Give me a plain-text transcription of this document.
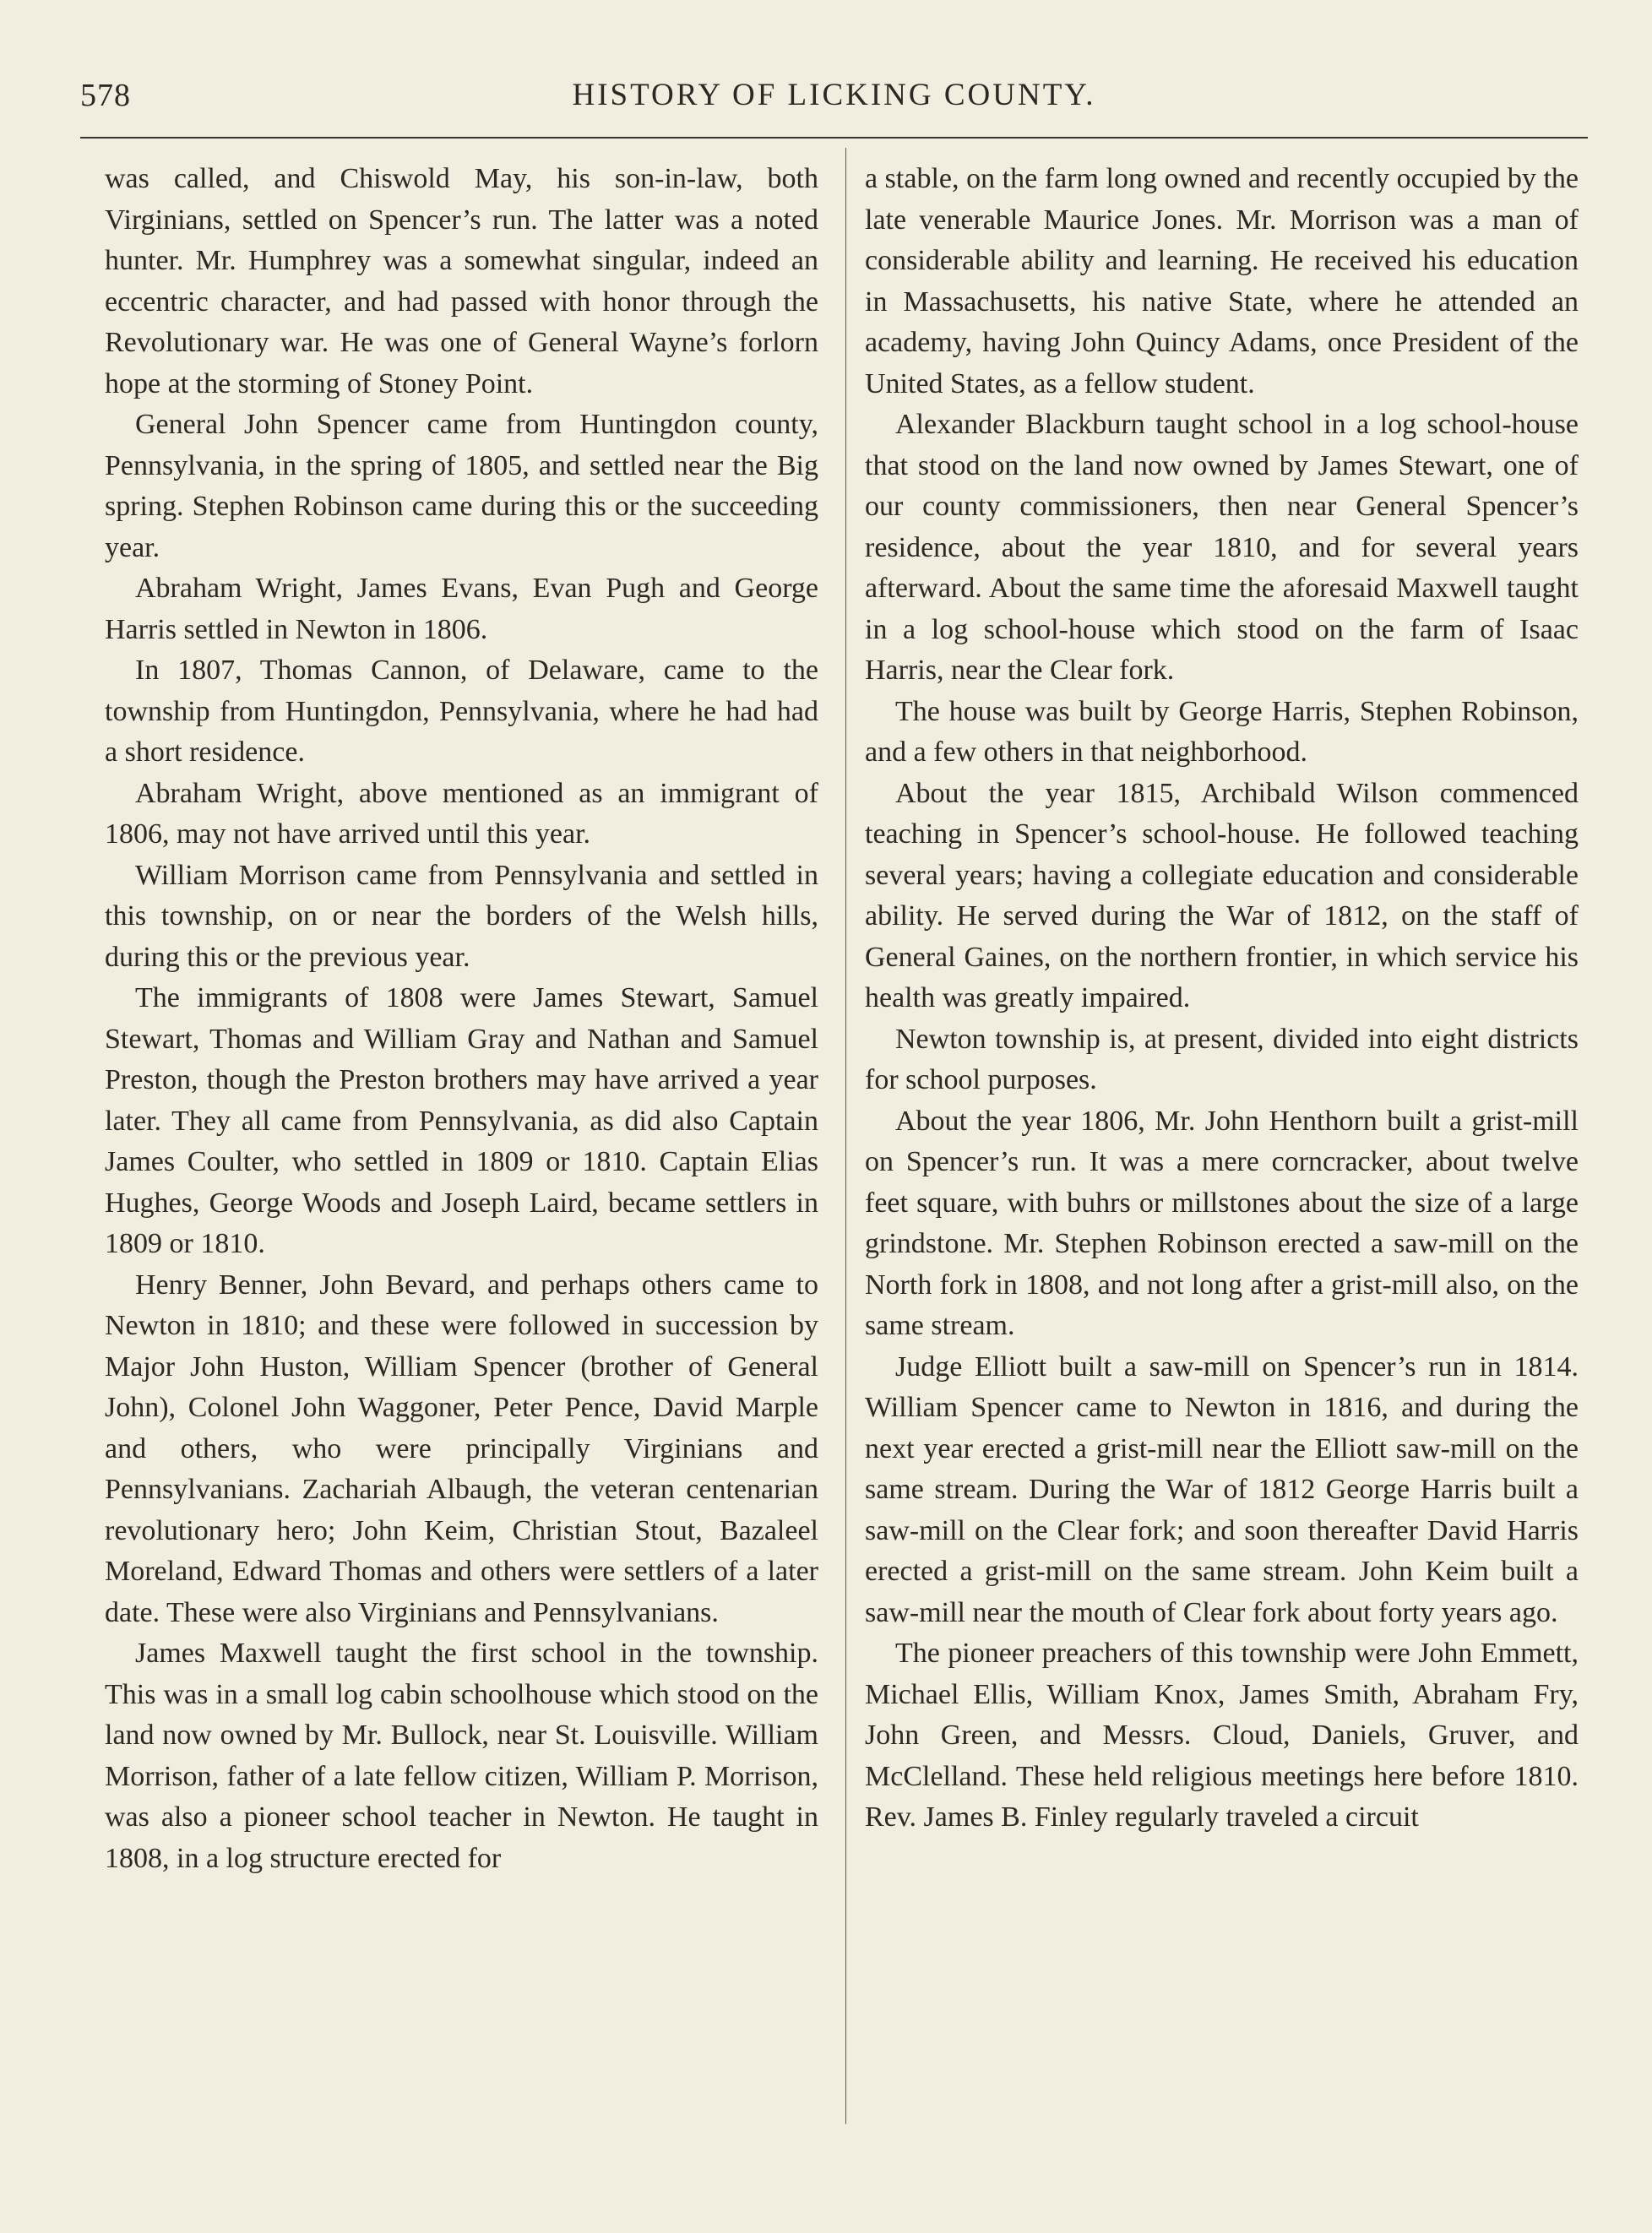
578	HISTORY OF LICKING COUNTY.

was called, and Chiswold May, his son-in-law, both Virginians, settled on Spencer’s run. The latter was a noted hunter. Mr. Humphrey was a somewhat singular, indeed an eccentric character, and had passed with honor through the Revolutionary war. He was one of General Wayne’s forlorn hope at the storming of Stoney Point.

General John Spencer came from Huntingdon county, Pennsylvania, in the spring of 1805, and settled near the Big spring. Stephen Robinson came during this or the succeeding year.

Abraham Wright, James Evans, Evan Pugh and George Harris settled in Newton in 1806.

In 1807, Thomas Cannon, of Delaware, came to the township from Huntingdon, Pennsylvania, where he had had a short residence.

Abraham Wright, above mentioned as an immigrant of 1806, may not have arrived until this year.

William Morrison came from Pennsylvania and settled in this township, on or near the borders of the Welsh hills, during this or the previous year.

The immigrants of 1808 were James Stewart, Samuel Stewart, Thomas and William Gray and Nathan and Samuel Preston, though the Preston brothers may have arrived a year later. They all came from Pennsylvania, as did also Captain James Coulter, who settled in 1809 or 1810. Captain Elias Hughes, George Woods and Joseph Laird, became settlers in 1809 or 1810.

Henry Benner, John Bevard, and perhaps others came to Newton in 1810; and these were followed in succession by Major John Huston, William Spencer (brother of General John), Colonel John Waggoner, Peter Pence, David Marple and others, who were principally Virginians and Pennsylvanians. Zachariah Albaugh, the veteran centenarian revolutionary hero; John Keim, Christian Stout, Bazaleel Moreland, Edward Thomas and others were settlers of a later date. These were also Virginians and Pennsylvanians.

James Maxwell taught the first school in the township. This was in a small log cabin schoolhouse which stood on the land now owned by Mr. Bullock, near St. Louisville. William Morrison, father of a late fellow citizen, William P. Morrison, was also a pioneer school teacher in Newton. He taught in 1808, in a log structure erected for

a stable, on the farm long owned and recently occupied by the late venerable Maurice Jones. Mr. Morrison was a man of considerable ability and learning. He received his education in Massachusetts, his native State, where he attended an academy, having John Quincy Adams, once President of the United States, as a fellow student.

Alexander Blackburn taught school in a log school-house that stood on the land now owned by James Stewart, one of our county commissioners, then near General Spencer’s residence, about the year 1810, and for several years afterward. About the same time the aforesaid Maxwell taught in a log school-house which stood on the farm of Isaac Harris, near the Clear fork.

The house was built by George Harris, Stephen Robinson, and a few others in that neighborhood.

About the year 1815, Archibald Wilson commenced teaching in Spencer’s school-house. He followed teaching several years; having a collegiate education and considerable ability. He served during the War of 1812, on the staff of General Gaines, on the northern frontier, in which service his health was greatly impaired.

Newton township is, at present, divided into eight districts for school purposes.

About the year 1806, Mr. John Henthorn built a grist-mill on Spencer’s run. It was a mere corncracker, about twelve feet square, with buhrs or millstones about the size of a large grindstone. Mr. Stephen Robinson erected a saw-mill on the North fork in 1808, and not long after a grist-mill also, on the same stream.

Judge Elliott built a saw-mill on Spencer’s run in 1814. William Spencer came to Newton in 1816, and during the next year erected a grist-mill near the Elliott saw-mill on the same stream. During the War of 1812 George Harris built a saw-mill on the Clear fork; and soon thereafter David Harris erected a grist-mill on the same stream. John Keim built a saw-mill near the mouth of Clear fork about forty years ago.

The pioneer preachers of this township were John Emmett, Michael Ellis, William Knox, James Smith, Abraham Fry, John Green, and Messrs. Cloud, Daniels, Gruver, and McClelland. These held religious meetings here before 1810. Rev. James B. Finley regularly traveled a circuit
